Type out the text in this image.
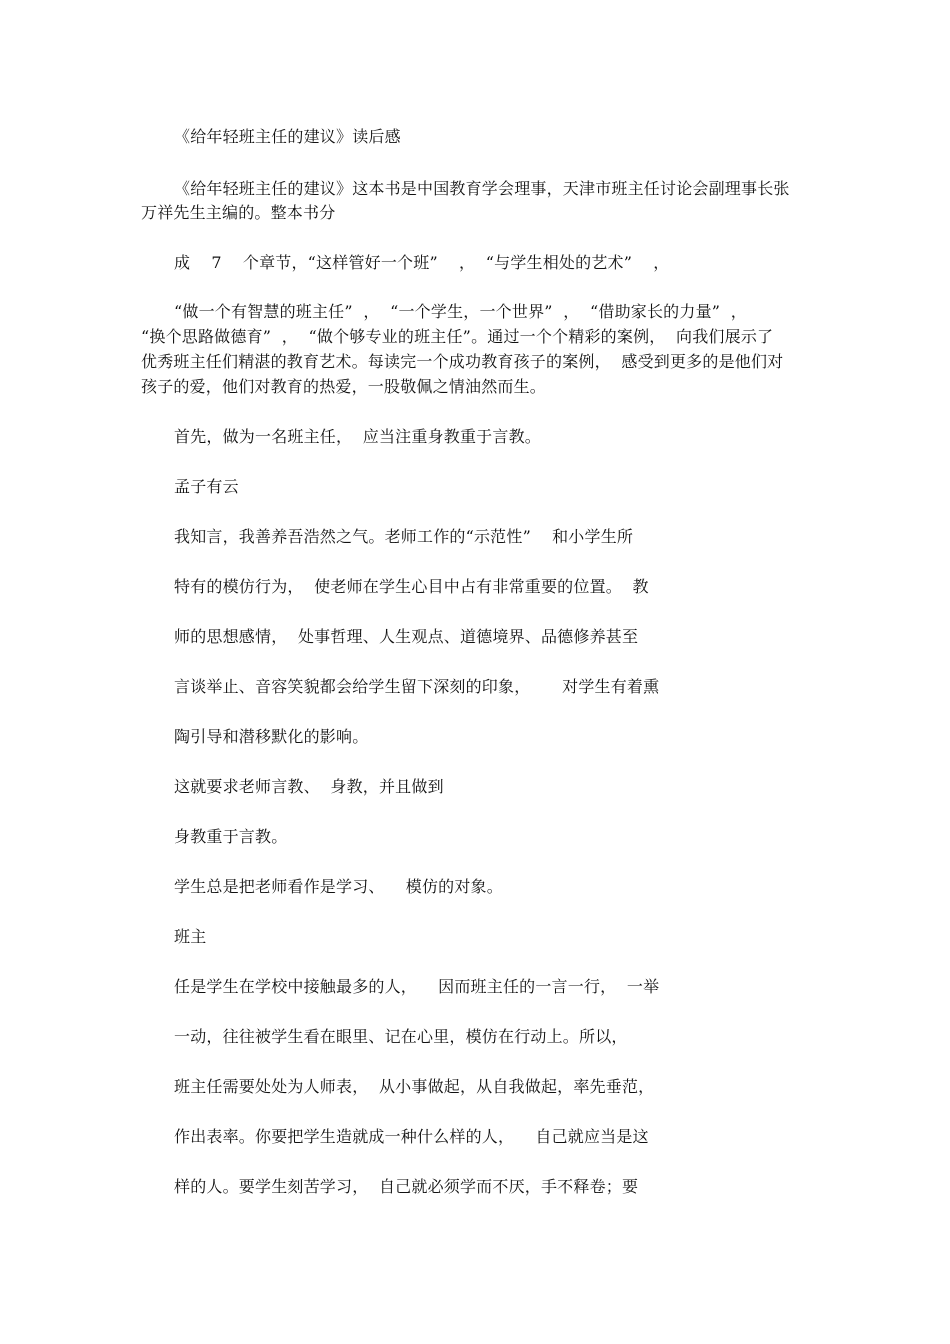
《给年轻班主任的建议》读后感
《给年轻班主任的建议》这本书是中国教育学会理事，天津市班主任讨论会副理事长张
万祥先生主编的。整本书分
成    7    个章节，“这样管好一个班”    ，  “与学生相处的艺术”    ，
“做一个有智慧的班主任”  ，  “一个学生，一个世界”  ，  “借助家长的力量”  ，
“换个思路做德育”  ，  “做个够专业的班主任”。通过一个个精彩的案例，  向我们展示了
优秀班主任们精湛的教育艺术。每读完一个成功教育孩子的案例，  感受到更多的是他们对
孩子的爱，他们对教育的热爱，一股敬佩之情油然而生。
首先，做为一名班主任，  应当注重身教重于言教。
孟子有云
我知言，我善养吾浩然之气。老师工作的“示范性”    和小学生所
特有的模仿行为，  使老师在学生心目中占有非常重要的位置。  教
师的思想感情，  处事哲理、人生观点、道德境界、品德修养甚至
言谈举止、音容笑貌都会给学生留下深刻的印象，      对学生有着熏
陶引导和潜移默化的影响。
这就要求老师言教、  身教，并且做到
身教重于言教。
学生总是把老师看作是学习、    模仿的对象。
班主
任是学生在学校中接触最多的人，    因而班主任的一言一行，  一举
一动，往往被学生看在眼里、记在心里，模仿在行动上。所以，
班主任需要处处为人师表，  从小事做起，从自我做起，率先垂范，
作出表率。你要把学生造就成一种什么样的人，    自己就应当是这
样的人。要学生刻苦学习，  自己就必须学而不厌，手不释卷；要
